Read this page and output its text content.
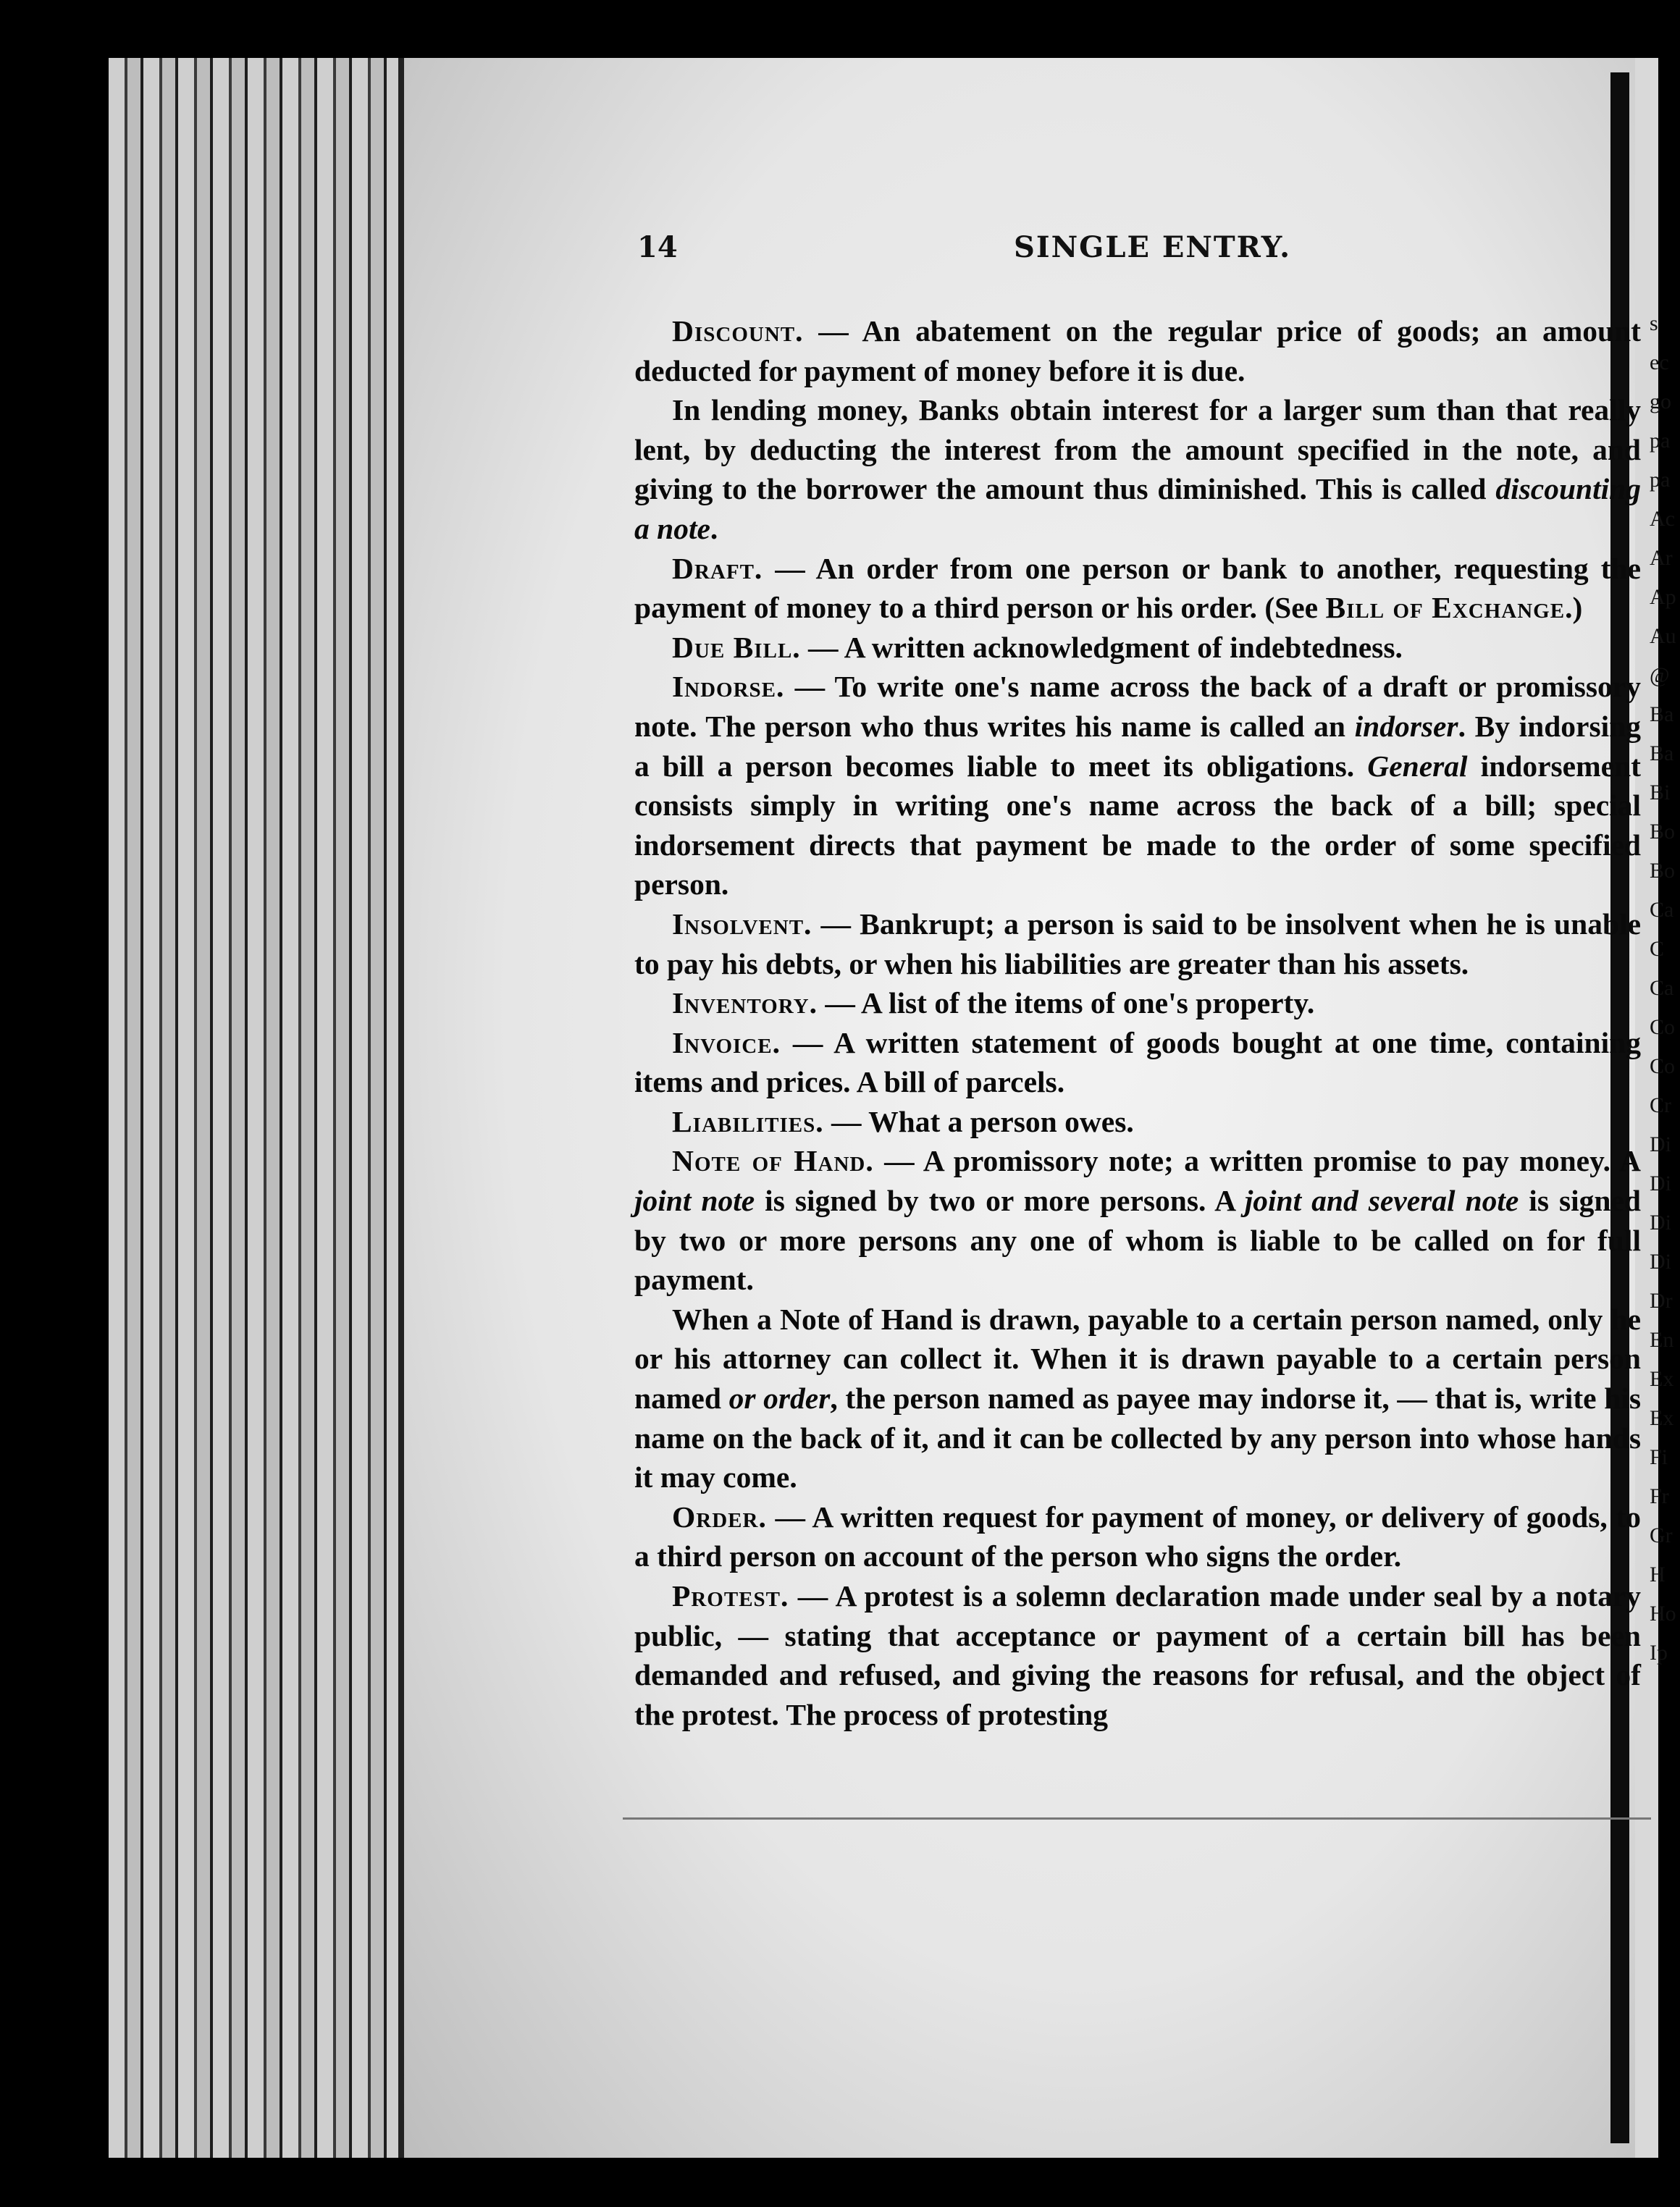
s
ec
go
pa
pa
Ac
Ar
Ap
Au
@
Ba
Ba
Bi
Bo
Bo
Ca
C
Ca
Co
Co
Cr
Di
Di
Di
Di
Dr
En
Ex
Ex
Fi
Fr
Gr
H
Ho
Ip
14	SINGLE ENTRY.

Discount. — An abatement on the regular price of goods; an amount deducted for payment of money before it is due.

In lending money, Banks obtain interest for a larger sum than that really lent, by deducting the interest from the amount specified in the note, and giving to the borrower the amount thus diminished. This is called discounting a note.

Draft. — An order from one person or bank to another, requesting the payment of money to a third person or his order. (See Bill of Exchange.)

Due Bill. — A written acknowledgment of indebtedness.

Indorse. — To write one's name across the back of a draft or promissory note. The person who thus writes his name is called an indorser. By indorsing a bill a person becomes liable to meet its obligations. General indorsement consists simply in writing one's name across the back of a bill; special indorsement directs that payment be made to the order of some specified person.

Insolvent. — Bankrupt; a person is said to be insolvent when he is unable to pay his debts, or when his liabilities are greater than his assets.

Inventory. — A list of the items of one's property.

Invoice. — A written statement of goods bought at one time, containing items and prices. A bill of parcels.

Liabilities. — What a person owes.

Note of Hand. — A promissory note; a written promise to pay money. A joint note is signed by two or more persons. A joint and several note is signed by two or more persons any one of whom is liable to be called on for full payment.

When a Note of Hand is drawn, payable to a certain person named, only he or his attorney can collect it. When it is drawn payable to a certain person named or order, the person named as payee may indorse it, — that is, write his name on the back of it, and it can be collected by any person into whose hands it may come.

Order. — A written request for payment of money, or delivery of goods, to a third person on account of the person who signs the order.

Protest. — A protest is a solemn declaration made under seal by a notary public, — stating that acceptance or payment of a certain bill has been demanded and refused, and giving the reasons for refusal, and the object of the protest. The process of protesting
